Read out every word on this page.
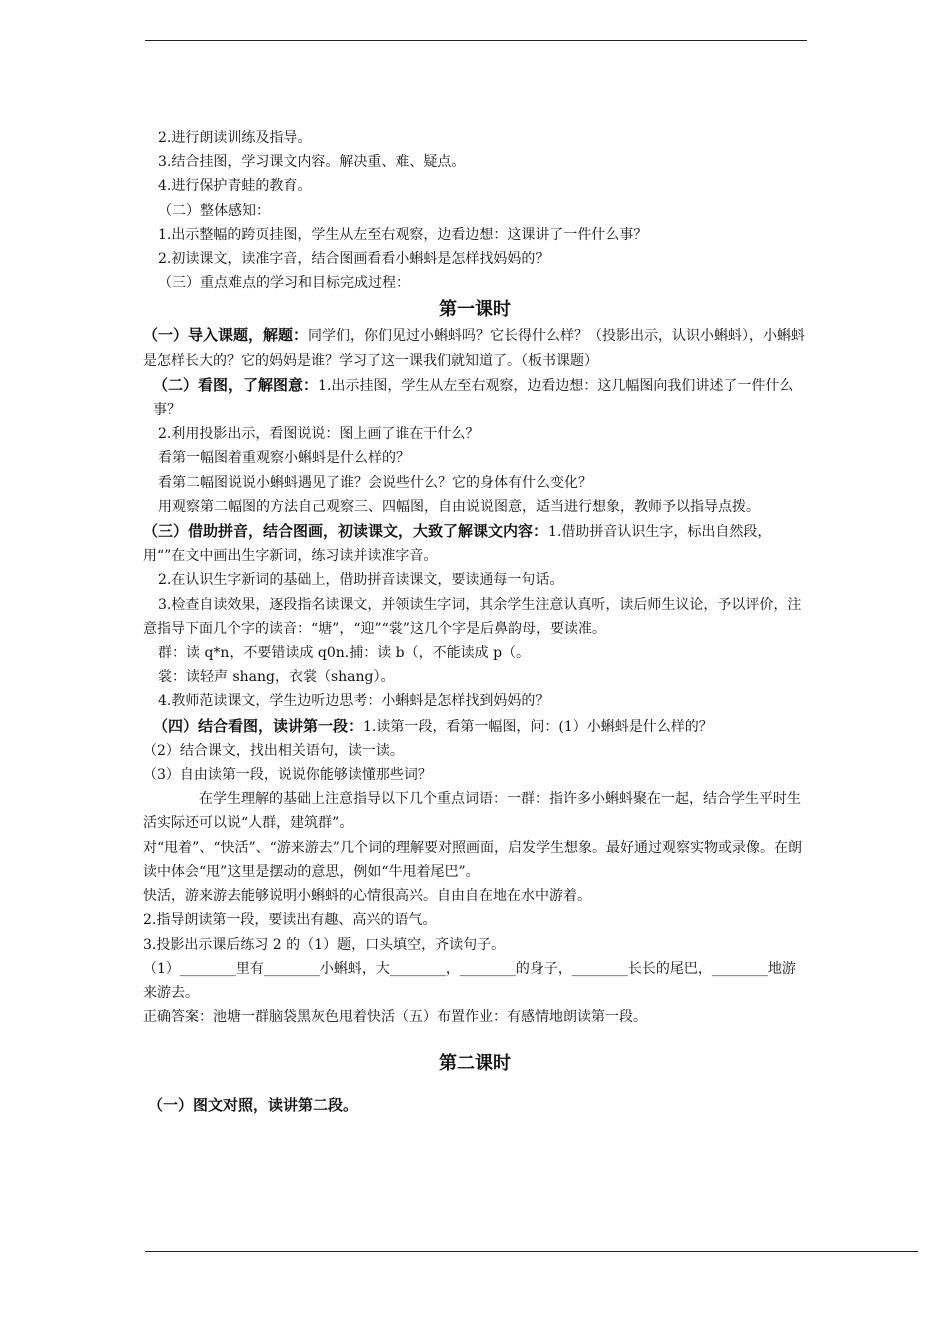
2.进行朗读训练及指导。

3.结合挂图，学习课文内容。解决重、难、疑点。

4.进行保护青蛙的教育。

（二）整体感知：

1.出示整幅的跨页挂图，学生从左至右观察，边看边想：这课讲了一件什么事？

2.初读课文，读准字音，结合图画看看小蝌蚪是怎样找妈妈的？

（三）重点难点的学习和目标完成过程：

第一课时

（一）导入课题，解题：同学们，你们见过小蝌蚪吗？它长得什么样？（投影出示，认识小蝌蚪），小蝌蚪是怎样长大的？它的妈妈是谁？学习了这一课我们就知道了。（板书课题）

（二）看图，了解图意：1.出示挂图，学生从左至右观察，边看边想：这几幅图向我们讲述了一件什么事？

2.利用投影出示，看图说说：图上画了谁在干什么？

看第一幅图着重观察小蝌蚪是什么样的？

看第二幅图说说小蝌蚪遇见了谁？会说些什么？它的身体有什么变化？

用观察第二幅图的方法自己观察三、四幅图，自由说说图意，适当进行想象，教师予以指导点拨。

（三）借助拼音，结合图画，初读课文，大致了解课文内容：1.借助拼音认识生字，标出自然段，用“”在文中画出生字新词，练习读并读准字音。

2.在认识生字新词的基础上，借助拼音读课文，要读通每一句话。

3.检查自读效果，逐段指名读课文，并领读生字词，其余学生注意认真听，读后师生议论，予以评价，注意指导下面几个字的读音：“塘”，“迎”“裳”这几个字是后鼻韵母，要读准。

群：读 q*n，不要错读成 q0n.捕：读 b（，不能读成 p（。

裳：读轻声 shang，衣裳（shang）。

4.教师范读课文，学生边听边思考：小蝌蚪是怎样找到妈妈的？

（四）结合看图，读讲第一段：1.读第一段，看第一幅图，问：(1）小蝌蚪是什么样的？

（2）结合课文，找出相关语句，读一读。

（3）自由读第一段，说说你能够读懂那些词？

在学生理解的基础上注意指导以下几个重点词语：一群：指许多小蝌蚪聚在一起，结合学生平时生活实际还可以说“人群，建筑群”。

对“甩着”、“快活”、“游来游去”几个词的理解要对照画面，启发学生想象。最好通过观察实物或录像。在朗读中体会“甩”这里是摆动的意思，例如“牛甩着尾巴”。

快活，游来游去能够说明小蝌蚪的心情很高兴。自由自在地在水中游着。

2.指导朗读第一段，要读出有趣、高兴的语气。

3.投影出示课后练习 2 的（1）题，口头填空，齐读句子。

（1）________里有________小蝌蚪，大________，________的身子，________长长的尾巴，________地游来游去。

正确答案：池塘一群脑袋黑灰色甩着快活（五）布置作业：有感情地朗读第一段。

第二课时

（一）图文对照，读讲第二段。
